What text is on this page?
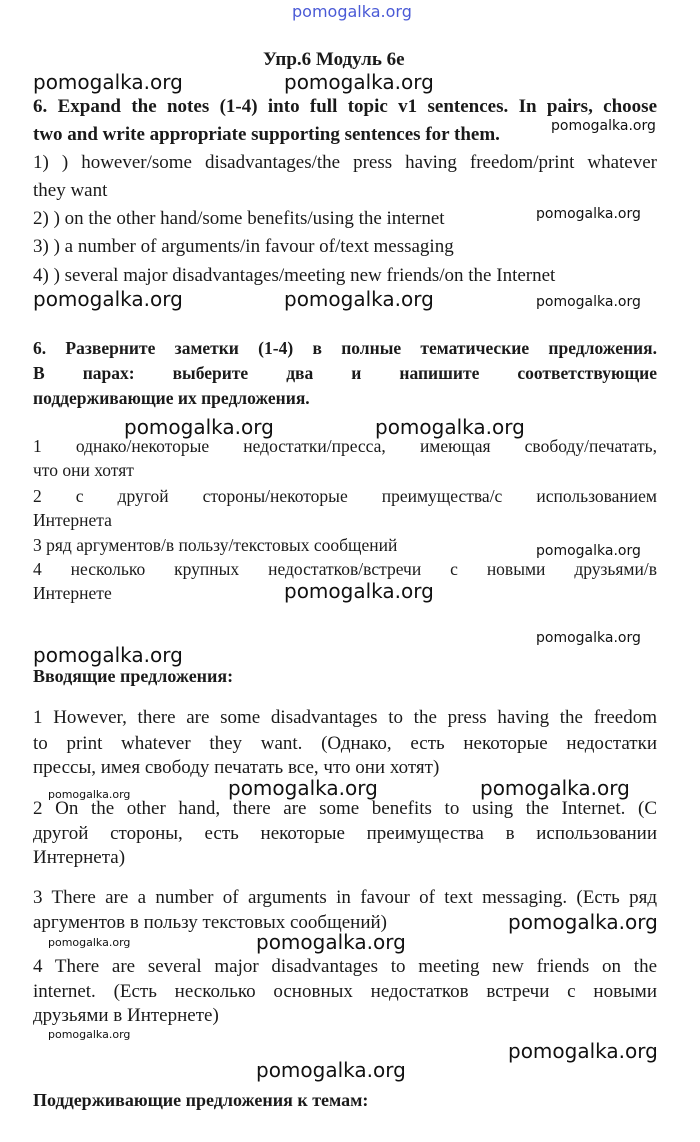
pomogalka.org
Упр.6 Модуль 6е
pomogalka.org	pomogalka.org
6. Expand the notes (1-4) into full topic v1 sentences. In pairs, choose
two and write appropriate supporting sentences for them.	pomogalka.org
1) ) however/some disadvantages/the press having freedom/print whatever
they want
2) ) on the other hand/some benefits/using the internet	pomogalka.org
3) ) a number of arguments/in favour of/text messaging
4) ) several major disadvantages/meeting new friends/on the Internet
pomogalka.org	pomogalka.org	pomogalka.org
6. Разверните заметки (1-4) в полные тематические предложения.
В парах: выберите два и напишите соответствующие
поддерживающие их предложения.
pomogalka.org	pomogalka.org
1 однако/некоторые недостатки/пресса, имеющая свободу/печатать,
что они хотят
2 с другой стороны/некоторые преимущества/с использованием
Интернета
3 ряд аргументов/в пользу/текстовых сообщений	pomogalka.org
4 несколько крупных недостатков/встречи с новыми друзьями/в
Интернете	pomogalka.org
pomogalka.org
pomogalka.org
Вводящие предложения:
1 However, there are some disadvantages to the press having the freedom
to print whatever they want. (Однако, есть некоторые недостатки
прессы, имея свободу печатать все, что они хотят)
pomogalka.org	pomogalka.org	pomogalka.org
2 On the other hand, there are some benefits to using the Internet. (С
другой стороны, есть некоторые преимущества в использовании
Интернета)
3 There are a number of arguments in favour of text messaging. (Есть ряд
аргументов в пользу текстовых сообщений)	pomogalka.org
pomogalka.org	pomogalka.org
4 There are several major disadvantages to meeting new friends on the
internet. (Есть несколько основных недостатков встречи с новыми
друзьями в Интернете)
pomogalka.org
pomogalka.org
pomogalka.org
Поддерживающие предложения к темам:
